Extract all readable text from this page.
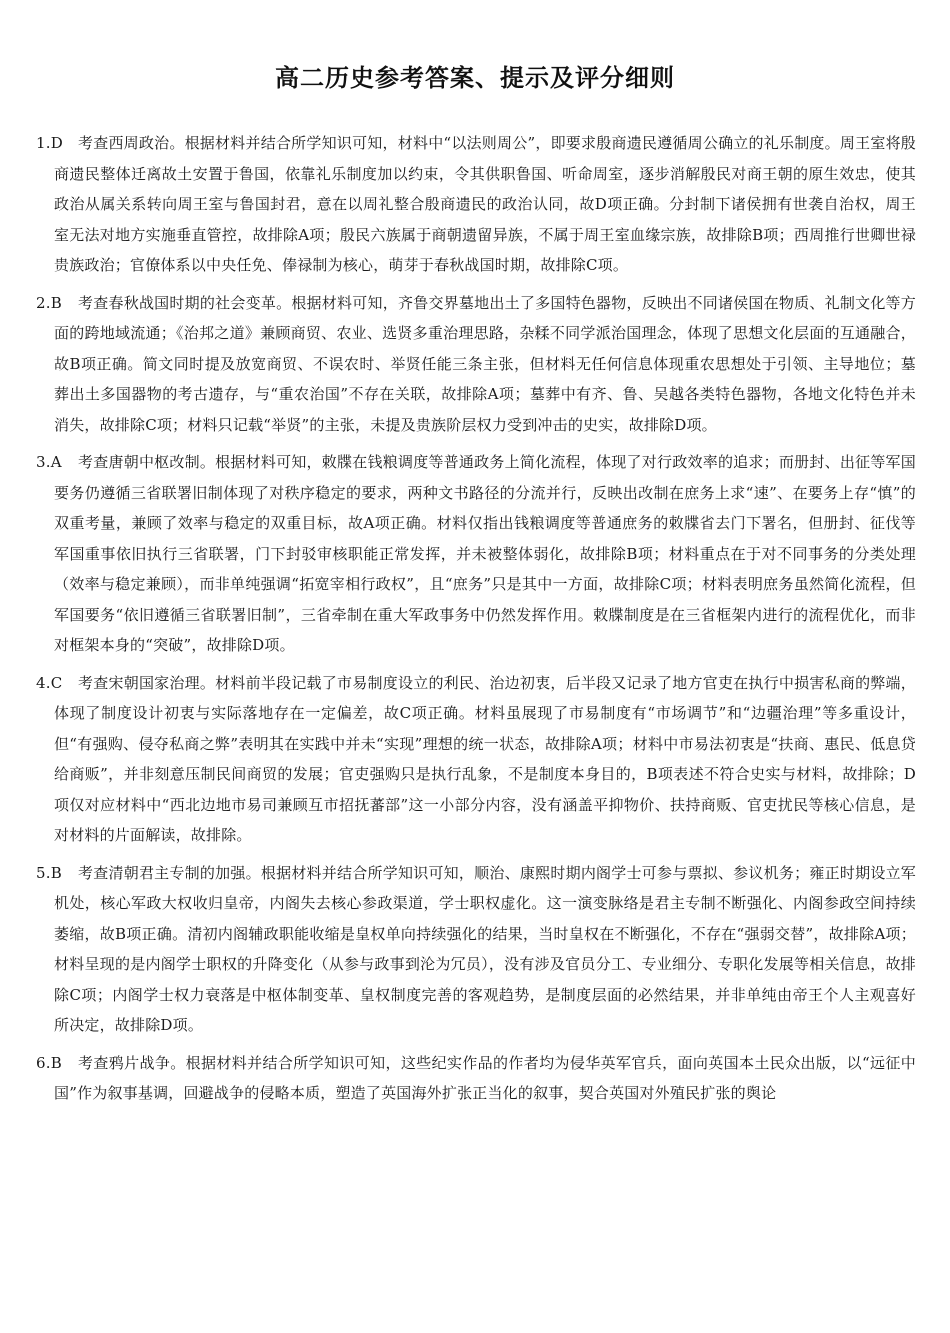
高二历史参考答案、提示及评分细则
1.D	考查西周政治。根据材料并结合所学知识可知，材料中“以法则周公”，即要求殷商遗民遵循周公确立的礼乐制度。周王室将殷商遗民整体迁离故土安置于鲁国，依靠礼乐制度加以约束，令其供职鲁国、听命周室，逐步消解殷民对商王朝的原生效忠，使其政治从属关系转向周王室与鲁国封君，意在以周礼整合殷商遗民的政治认同，故D项正确。分封制下诸侯拥有世袭自治权，周王室无法对地方实施垂直管控，故排除A项；殷民六族属于商朝遗留异族，不属于周王室血缘宗族，故排除B项；西周推行世卿世禄贵族政治；官僚体系以中央任免、俸禄制为核心，萌芽于春秋战国时期，故排除C项。
2.B	考查春秋战国时期的社会变革。根据材料可知，齐鲁交界墓地出土了多国特色器物，反映出不同诸侯国在物质、礼制文化等方面的跨地域流通；《治邦之道》兼顾商贸、农业、选贤多重治理思路，杂糅不同学派治国理念，体现了思想文化层面的互通融合，故B项正确。简文同时提及放宽商贸、不误农时、举贤任能三条主张，但材料无任何信息体现重农思想处于引领、主导地位；墓葬出土多国器物的考古遗存，与“重农治国”不存在关联，故排除A项；墓葬中有齐、鲁、吴越各类特色器物，各地文化特色并未消失，故排除C项；材料只记载“举贤”的主张，未提及贵族阶层权力受到冲击的史实，故排除D项。
3.A	考查唐朝中枢改制。根据材料可知，敕牒在钱粮调度等普通政务上简化流程，体现了对行政效率的追求；而册封、出征等军国要务仍遵循三省联署旧制体现了对秩序稳定的要求，两种文书路径的分流并行，反映出改制在庶务上求“速”、在要务上存“慎”的双重考量，兼顾了效率与稳定的双重目标，故A项正确。材料仅指出钱粮调度等普通庶务的敕牒省去门下署名，但册封、征伐等军国重事依旧执行三省联署，门下封驳审核职能正常发挥，并未被整体弱化，故排除B项；材料重点在于对不同事务的分类处理（效率与稳定兼顾），而非单纯强调“拓宽宰相行政权”，且“庶务”只是其中一方面，故排除C项；材料表明庶务虽然简化流程，但军国要务“依旧遵循三省联署旧制”，三省牵制在重大军政事务中仍然发挥作用。敕牒制度是在三省框架内进行的流程优化，而非对框架本身的“突破”，故排除D项。
4.C	考查宋朝国家治理。材料前半段记载了市易制度设立的利民、治边初衷，后半段又记录了地方官吏在执行中损害私商的弊端，体现了制度设计初衷与实际落地存在一定偏差，故C项正确。材料虽展现了市易制度有“市场调节”和“边疆治理”等多重设计，但“有强购、侵夺私商之弊”表明其在实践中并未“实现”理想的统一状态，故排除A项；材料中市易法初衷是“扶商、惠民、低息贷给商贩”，并非刻意压制民间商贸的发展；官吏强购只是执行乱象，不是制度本身目的，B项表述不符合史实与材料，故排除；D项仅对应材料中“西北边地市易司兼顾互市招抚蕃部”这一小部分内容，没有涵盖平抑物价、扶持商贩、官吏扰民等核心信息，是对材料的片面解读，故排除。
5.B	考查清朝君主专制的加强。根据材料并结合所学知识可知，顺治、康熙时期内阁学士可参与票拟、参议机务；雍正时期设立军机处，核心军政大权收归皇帝，内阁失去核心参政渠道，学士职权虚化。这一演变脉络是君主专制不断强化、内阁参政空间持续萎缩，故B项正确。清初内阁辅政职能收缩是皇权单向持续强化的结果，当时皇权在不断强化，不存在“强弱交替”，故排除A项；材料呈现的是内阁学士职权的升降变化（从参与政事到沦为冗员），没有涉及官员分工、专业细分、专职化发展等相关信息，故排除C项；内阁学士权力衰落是中枢体制变革、皇权制度完善的客观趋势，是制度层面的必然结果，并非单纯由帝王个人主观喜好所决定，故排除D项。
6.B	考查鸦片战争。根据材料并结合所学知识可知，这些纪实作品的作者均为侵华英军官兵，面向英国本土民众出版，以“远征中国”作为叙事基调，回避战争的侵略本质，塑造了英国海外扩张正当化的叙事，契合英国对外殖民扩张的舆论
